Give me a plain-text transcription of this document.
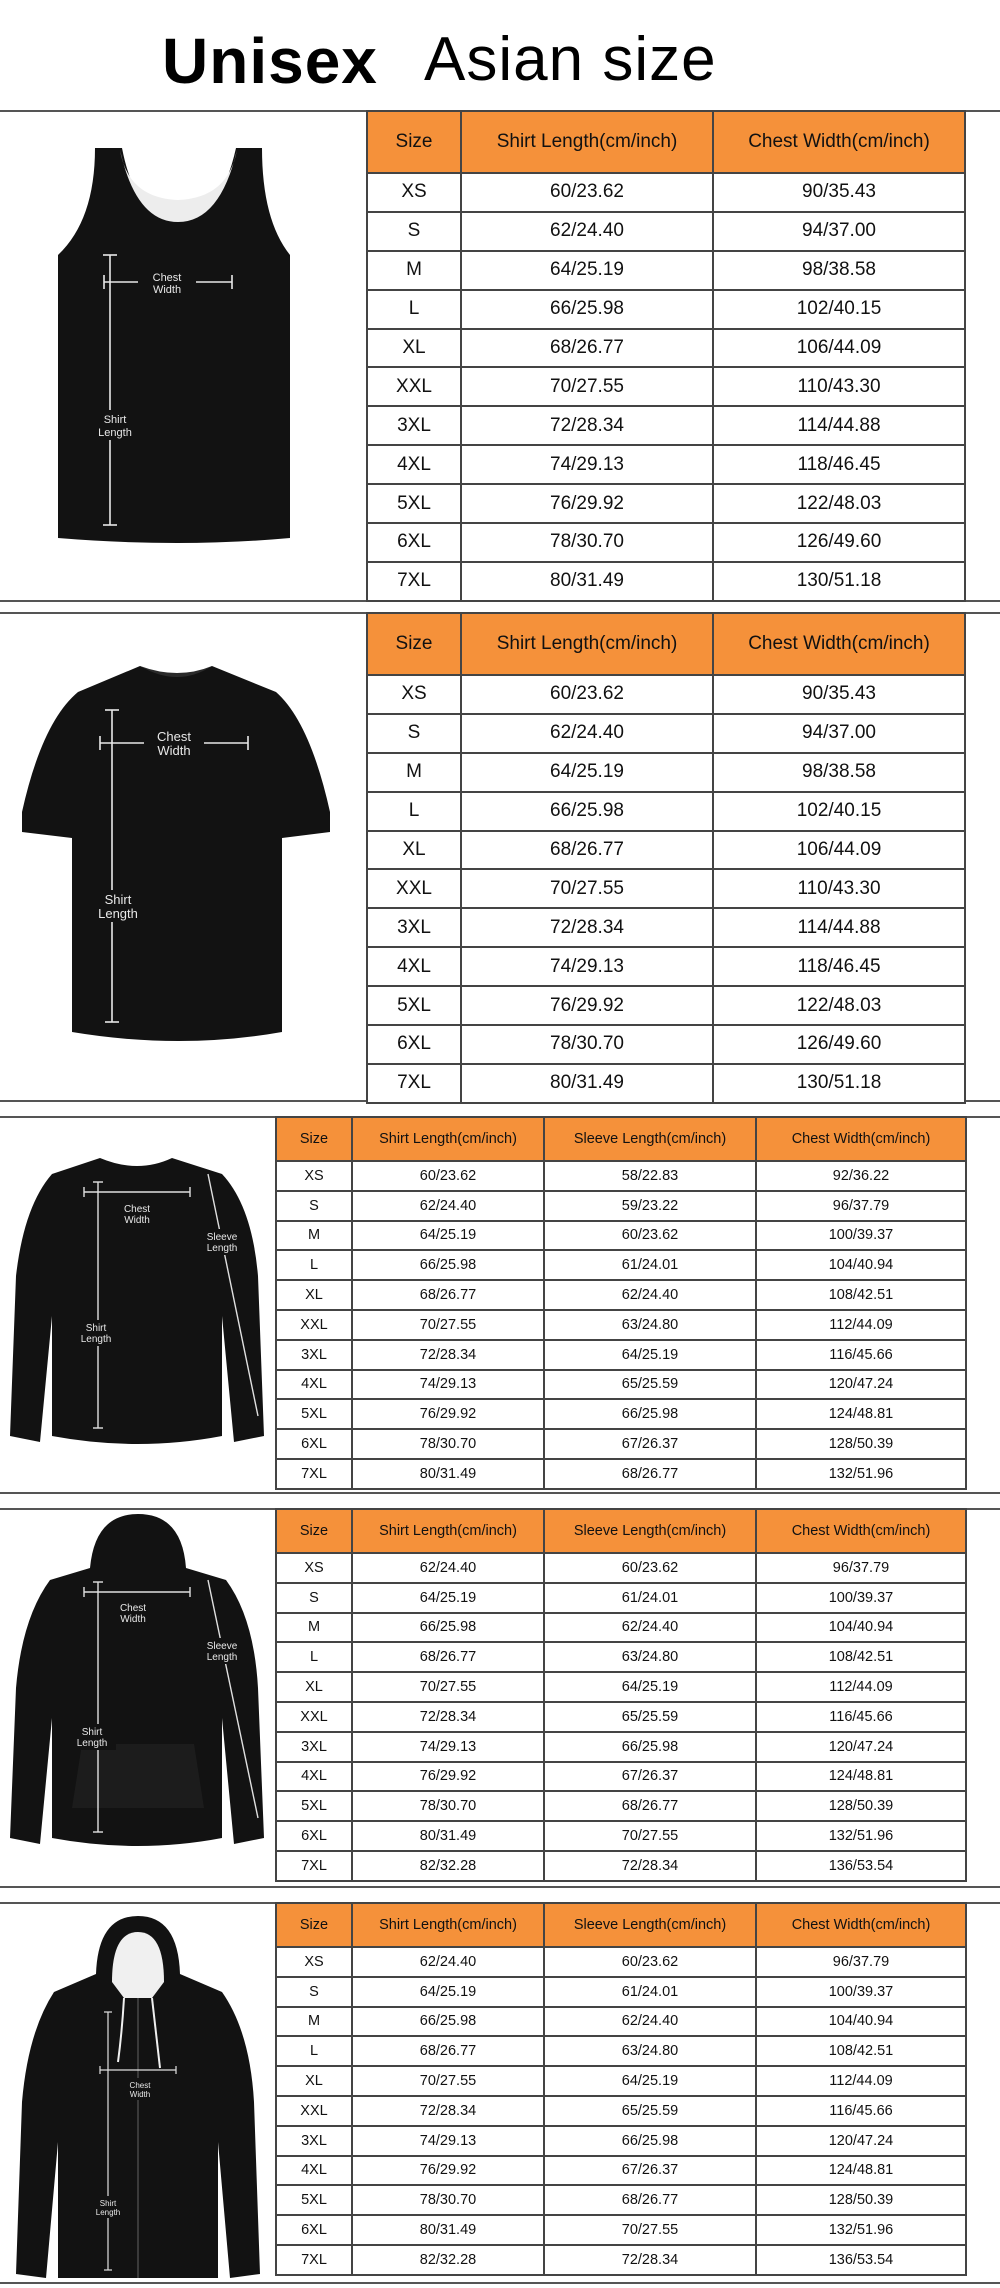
Unisex Asian size
Chest
Width
Shirt
Length
Size	Shirt Length(cm/inch)	Chest Width(cm/inch)
XS	60/23.62	90/35.43
S	62/24.40	94/37.00
M	64/25.19	98/38.58
L	66/25.98	102/40.15
XL	68/26.77	106/44.09
XXL	70/27.55	110/43.30
3XL	72/28.34	114/44.88
4XL	74/29.13	118/46.45
5XL	76/29.92	122/48.03
6XL	78/30.70	126/49.60
7XL	80/31.49	130/51.18
Chest
Width
Shirt
Length
Size	Shirt Length(cm/inch)	Chest Width(cm/inch)
XS	60/23.62	90/35.43
S	62/24.40	94/37.00
M	64/25.19	98/38.58
L	66/25.98	102/40.15
XL	68/26.77	106/44.09
XXL	70/27.55	110/43.30
3XL	72/28.34	114/44.88
4XL	74/29.13	118/46.45
5XL	76/29.92	122/48.03
6XL	78/30.70	126/49.60
7XL	80/31.49	130/51.18
Chest
Width
Sleeve
Length
Shirt
Length
Size	Shirt Length(cm/inch)	Sleeve Length(cm/inch)	Chest Width(cm/inch)
XS	60/23.62	58/22.83	92/36.22
S	62/24.40	59/23.22	96/37.79
M	64/25.19	60/23.62	100/39.37
L	66/25.98	61/24.01	104/40.94
XL	68/26.77	62/24.40	108/42.51
XXL	70/27.55	63/24.80	112/44.09
3XL	72/28.34	64/25.19	116/45.66
4XL	74/29.13	65/25.59	120/47.24
5XL	76/29.92	66/25.98	124/48.81
6XL	78/30.70	67/26.37	128/50.39
7XL	80/31.49	68/26.77	132/51.96
Chest
Width
Sleeve
Length
Shirt
Length
Size	Shirt Length(cm/inch)	Sleeve Length(cm/inch)	Chest Width(cm/inch)
XS	62/24.40	60/23.62	96/37.79
S	64/25.19	61/24.01	100/39.37
M	66/25.98	62/24.40	104/40.94
L	68/26.77	63/24.80	108/42.51
XL	70/27.55	64/25.19	112/44.09
XXL	72/28.34	65/25.59	116/45.66
3XL	74/29.13	66/25.98	120/47.24
4XL	76/29.92	67/26.37	124/48.81
5XL	78/30.70	68/26.77	128/50.39
6XL	80/31.49	70/27.55	132/51.96
7XL	82/32.28	72/28.34	136/53.54
Chest
Width
Shirt
Length
Size	Shirt Length(cm/inch)	Sleeve Length(cm/inch)	Chest Width(cm/inch)
XS	62/24.40	60/23.62	96/37.79
S	64/25.19	61/24.01	100/39.37
M	66/25.98	62/24.40	104/40.94
L	68/26.77	63/24.80	108/42.51
XL	70/27.55	64/25.19	112/44.09
XXL	72/28.34	65/25.59	116/45.66
3XL	74/29.13	66/25.98	120/47.24
4XL	76/29.92	67/26.37	124/48.81
5XL	78/30.70	68/26.77	128/50.39
6XL	80/31.49	70/27.55	132/51.96
7XL	82/32.28	72/28.34	136/53.54
